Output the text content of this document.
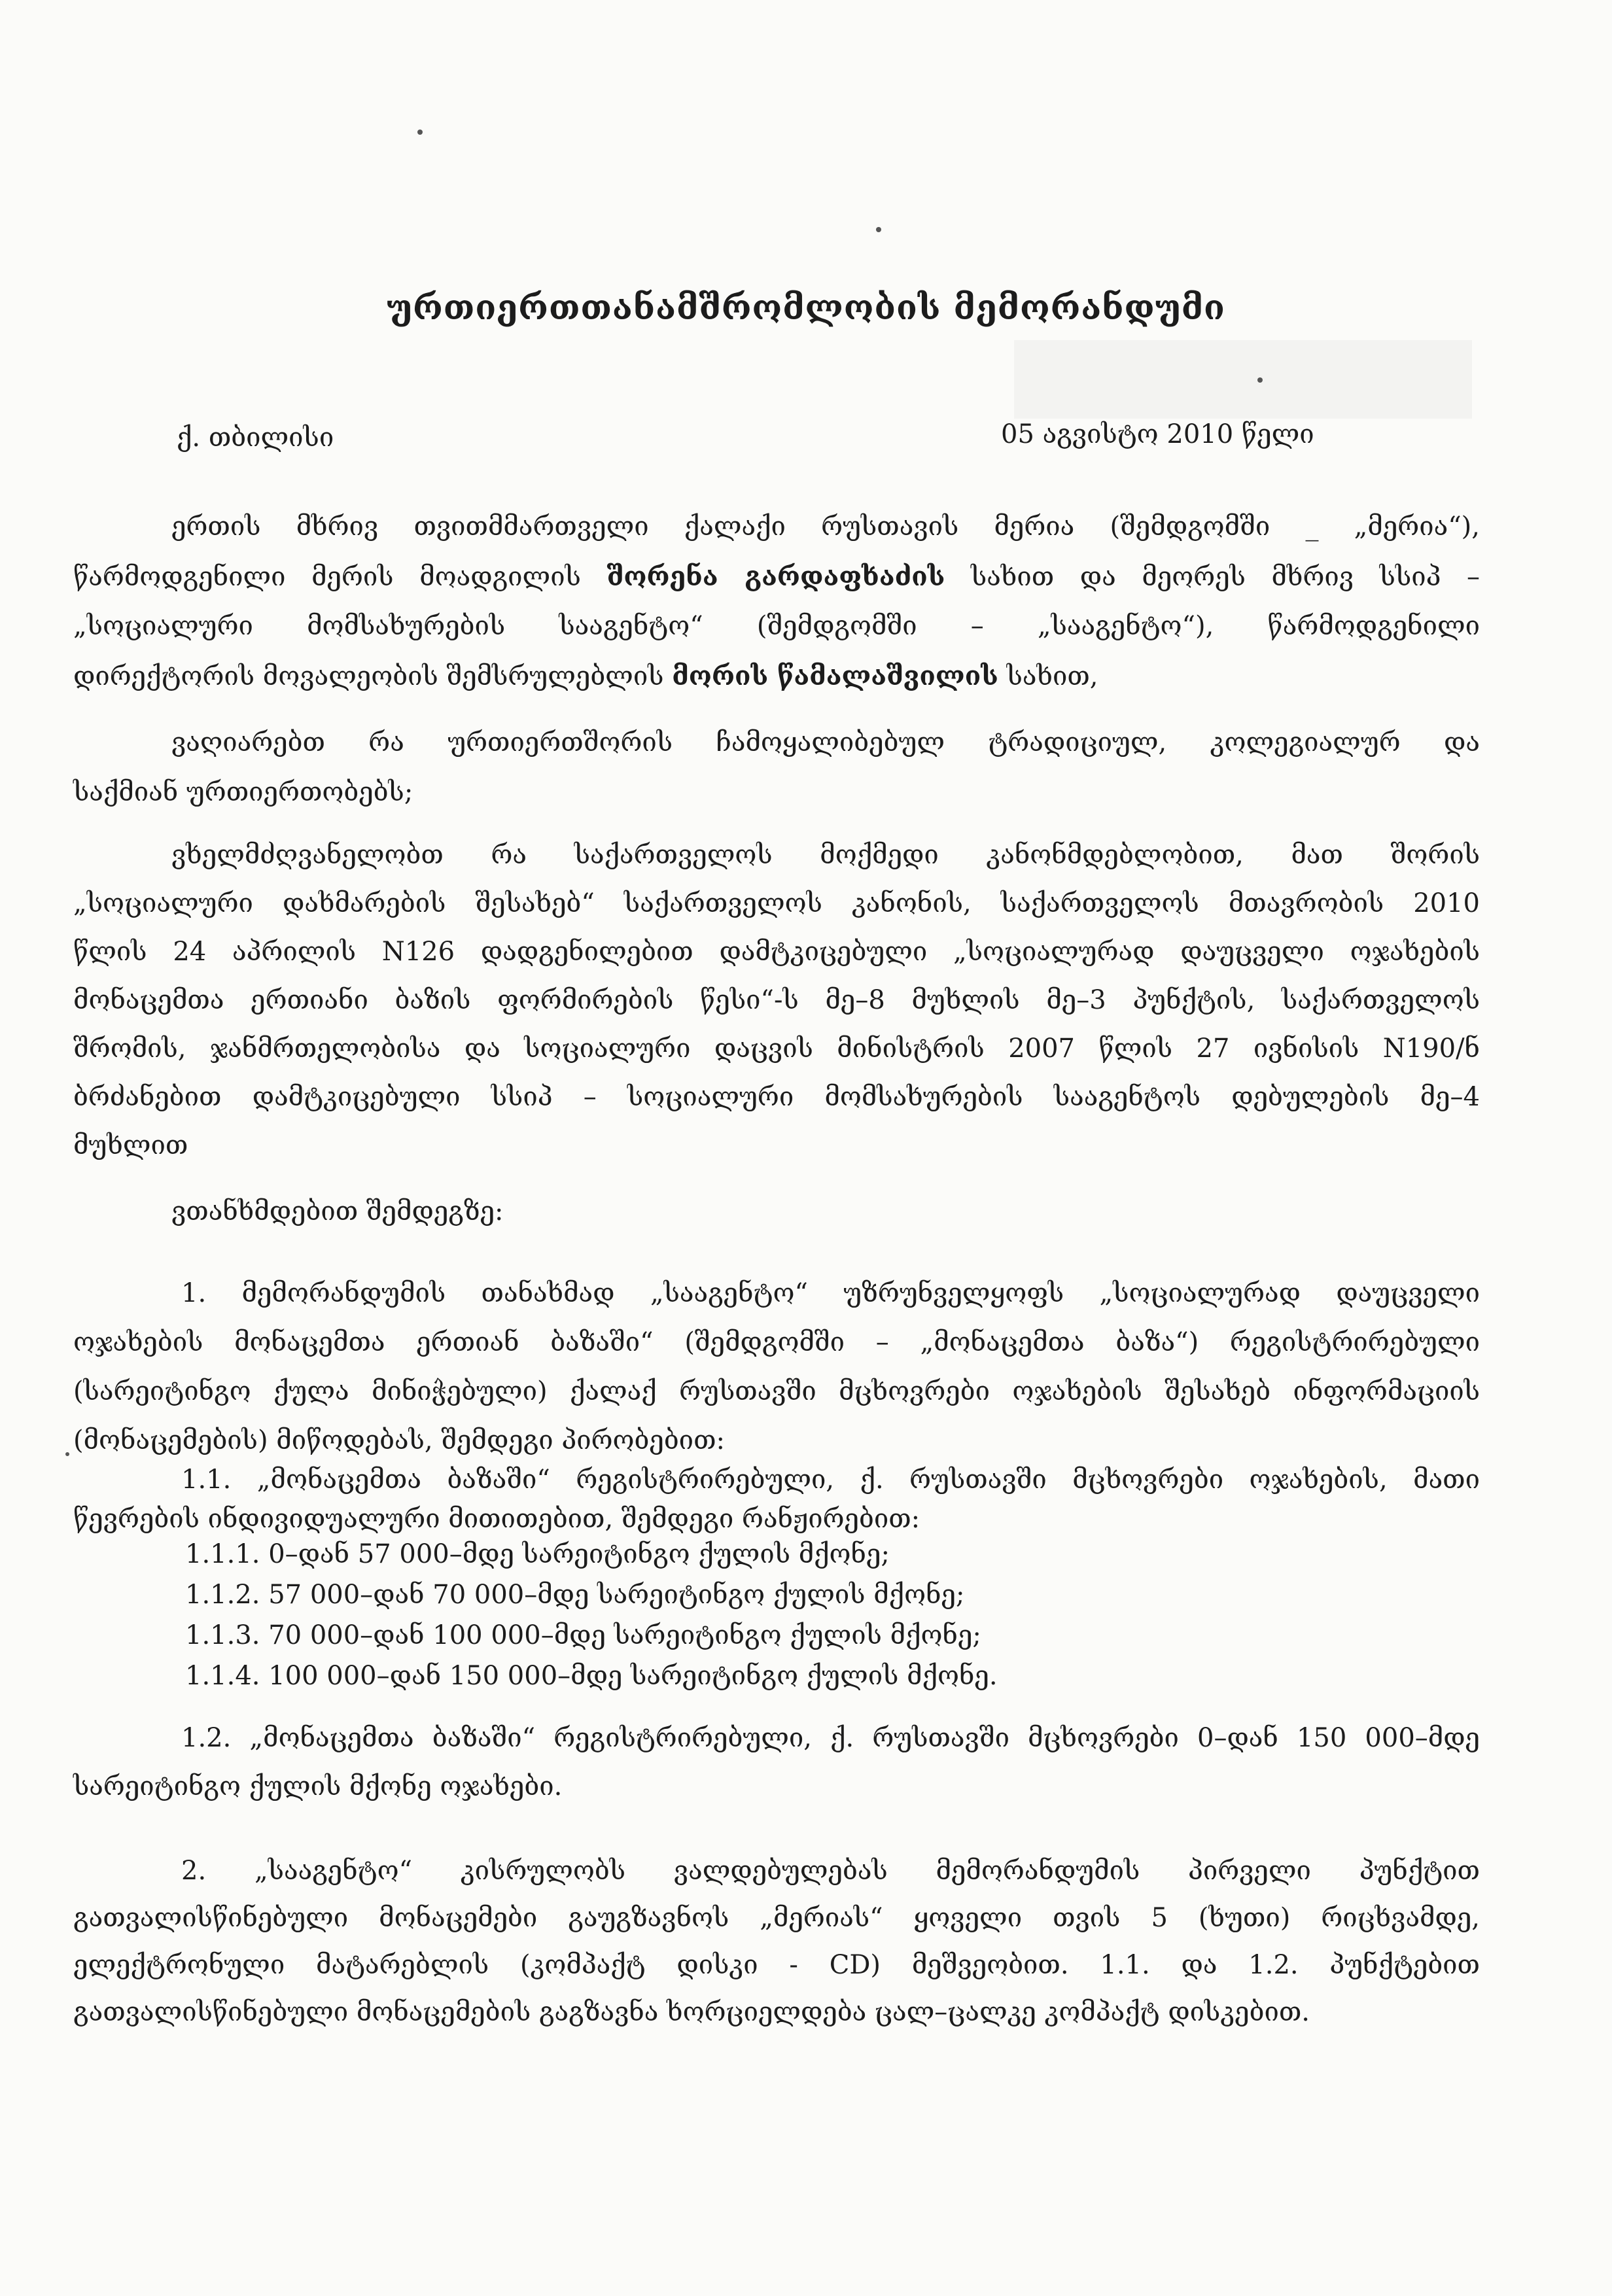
ურთიერთთანამშრომლობის მემორანდუმი
ქ. თბილისი	05 აგვისტო 2010 წელი
ერთის მხრივ თვითმმართველი ქალაქი რუსთავის მერია (შემდგომში _ „მერია“),
წარმოდგენილი მერის მოადგილის შორენა გარდაფხაძის სახით და მეორეს მხრივ სსიპ –
„სოციალური მომსახურების სააგენტო“ (შემდგომში – „სააგენტო“), წარმოდგენილი
დირექტორის მოვალეობის შემსრულებლის მორის წამალაშვილის სახით,
ვაღიარებთ რა ურთიერთშორის ჩამოყალიბებულ ტრადიციულ, კოლეგიალურ და
საქმიან ურთიერთობებს;
ვხელმძღვანელობთ რა საქართველოს მოქმედი კანონმდებლობით, მათ შორის
„სოციალური დახმარების შესახებ“ საქართველოს კანონის, საქართველოს მთავრობის 2010
წლის 24 აპრილის N126 დადგენილებით დამტკიცებული „სოციალურად დაუცველი ოჯახების
მონაცემთა ერთიანი ბაზის ფორმირების წესი“-ს მე–8 მუხლის მე–3 პუნქტის, საქართველოს
შრომის, ჯანმრთელობისა და სოციალური დაცვის მინისტრის 2007 წლის 27 ივნისის N190/ნ
ბრძანებით დამტკიცებული სსიპ – სოციალური მომსახურების სააგენტოს დებულების მე–4
მუხლით
ვთანხმდებით შემდეგზე:
1. მემორანდუმის თანახმად „სააგენტო“ უზრუნველყოფს „სოციალურად დაუცველი
ოჯახების მონაცემთა ერთიან ბაზაში“ (შემდგომში – „მონაცემთა ბაზა“) რეგისტრირებული
(სარეიტინგო ქულა მინიჭებული) ქალაქ რუსთავში მცხოვრები ოჯახების შესახებ ინფორმაციის
(მონაცემების) მიწოდებას, შემდეგი პირობებით:
1.1. „მონაცემთა ბაზაში“ რეგისტრირებული, ქ. რუსთავში მცხოვრები ოჯახების, მათი
წევრების ინდივიდუალური მითითებით, შემდეგი რანჟირებით:
1.1.1. 0–დან 57 000–მდე სარეიტინგო ქულის მქონე;
1.1.2. 57 000–დან 70 000–მდე სარეიტინგო ქულის მქონე;
1.1.3. 70 000–დან 100 000–მდე სარეიტინგო ქულის მქონე;
1.1.4. 100 000–დან 150 000–მდე სარეიტინგო ქულის მქონე.
1.2. „მონაცემთა ბაზაში“ რეგისტრირებული, ქ. რუსთავში მცხოვრები 0–დან 150 000–მდე
სარეიტინგო ქულის მქონე ოჯახები.
2. „სააგენტო“ კისრულობს ვალდებულებას მემორანდუმის პირველი პუნქტით
გათვალისწინებული მონაცემები გაუგზავნოს „მერიას“ ყოველი თვის 5 (ხუთი) რიცხვამდე,
ელექტრონული მატარებლის (კომპაქტ დისკი - CD) მეშვეობით. 1.1. და 1.2. პუნქტებით
გათვალისწინებული მონაცემების გაგზავნა ხორციელდება ცალ–ცალკე კომპაქტ დისკებით.
